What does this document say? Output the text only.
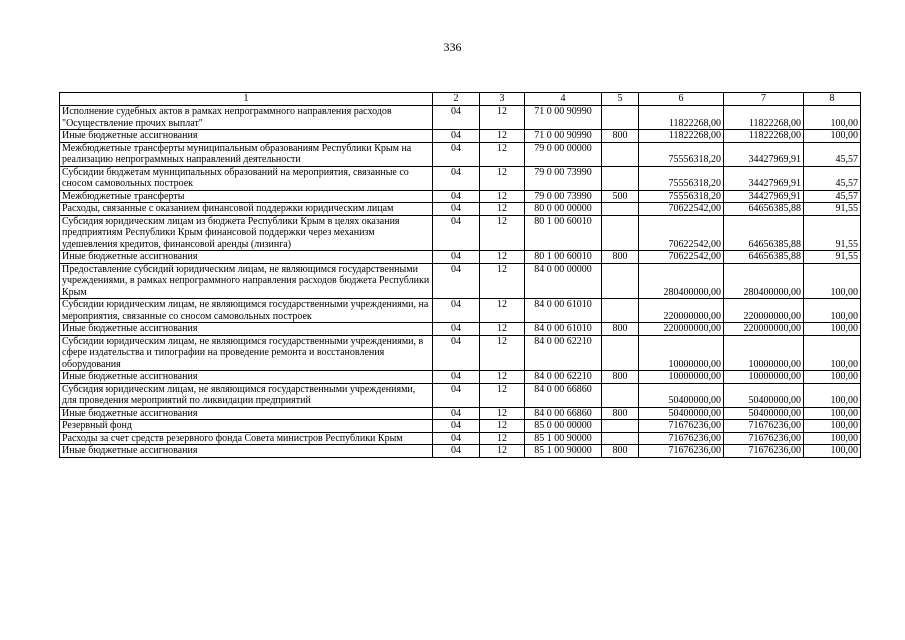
336
1	2	3	4	5	6	7	8
Исполнение судебных актов в рамках непрограммного направления расходов "Осуществление прочих выплат"	04	12	71 0 00 90990		11822268,00	11822268,00	100,00
Иные бюджетные ассигнования	04	12	71 0 00 90990	800	11822268,00	11822268,00	100,00
Межбюджетные трансферты муниципальным образованиям Республики Крым на реализацию непрограммных направлений деятельности	04	12	79 0 00 00000		75556318,20	34427969,91	45,57
Субсидии бюджетам муниципальных образований на мероприятия, связанные со сносом самовольных построек	04	12	79 0 00 73990		75556318,20	34427969,91	45,57
Межбюджетные трансферты	04	12	79 0 00 73990	500	75556318,20	34427969,91	45,57
Расходы, связанные с оказанием финансовой поддержки юридическим лицам	04	12	80 0 00 00000		70622542,00	64656385,88	91,55
Субсидия юридическим лицам из бюджета Республики Крым в целях оказания предприятиям Республики Крым финансовой поддержки через механизм удешевления кредитов, финансовой аренды (лизинга)	04	12	80 1 00 60010		70622542,00	64656385,88	91,55
Иные бюджетные ассигнования	04	12	80 1 00 60010	800	70622542,00	64656385,88	91,55
Предоставление субсидий юридическим лицам, не являющимся государственными учреждениями, в рамках непрограммного направления расходов бюджета Республики Крым	04	12	84 0 00 00000		280400000,00	280400000,00	100,00
Субсидии юридическим лицам, не являющимся государственными учреждениями, на мероприятия, связанные со сносом самовольных построек	04	12	84 0 00 61010		220000000,00	220000000,00	100,00
Иные бюджетные ассигнования	04	12	84 0 00 61010	800	220000000,00	220000000,00	100,00
Субсидии юридическим лицам, не являющимся государственными учреждениями, в сфере издательства и типографии на проведение ремонта и восстановления оборудования	04	12	84 0 00 62210		10000000,00	10000000,00	100,00
Иные бюджетные ассигнования	04	12	84 0 00 62210	800	10000000,00	10000000,00	100,00
Субсидия юридическим лицам, не являющимся государственными учреждениями, для проведения мероприятий по ликвидации предприятий	04	12	84 0 00 66860		50400000,00	50400000,00	100,00
Иные бюджетные ассигнования	04	12	84 0 00 66860	800	50400000,00	50400000,00	100,00
Резервный фонд	04	12	85 0 00 00000		71676236,00	71676236,00	100,00
Расходы за счет средств резервного фонда Совета министров Республики Крым	04	12	85 1 00 90000		71676236,00	71676236,00	100,00
Иные бюджетные ассигнования	04	12	85 1 00 90000	800	71676236,00	71676236,00	100,00
